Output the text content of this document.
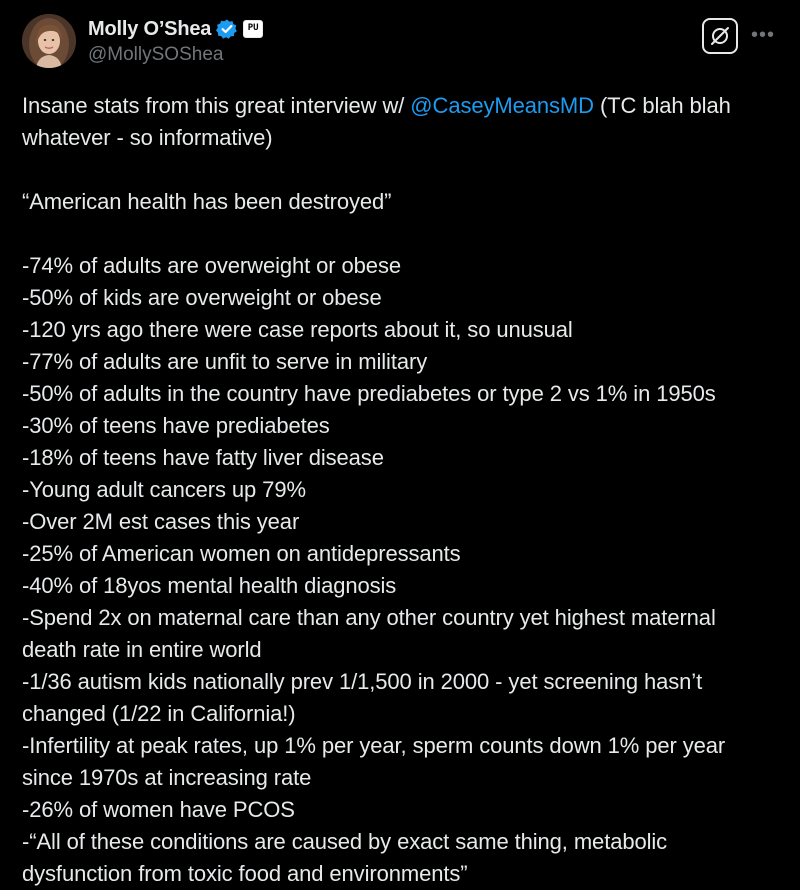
Molly O’Shea	PU
@MollySOShea
•••
Insane stats from this great interview w/ @CaseyMeansMD (TC blah blah
whatever - so informative)
“American health has been destroyed”
-74% of adults are overweight or obese
-50% of kids are overweight or obese
-120 yrs ago there were case reports about it, so unusual
-77% of adults are unfit to serve in military
-50% of adults in the country have prediabetes or type 2 vs 1% in 1950s
-30% of teens have prediabetes
-18% of teens have fatty liver disease
-Young adult cancers up 79%
-Over 2M est cases this year
-25% of American women on antidepressants
-40% of 18yos mental health diagnosis
-Spend 2x on maternal care than any other country yet highest maternal
death rate in entire world
-1/36 autism kids nationally prev 1/1,500 in 2000 - yet screening hasn’t
changed (1/22 in California!)
-Infertility at peak rates, up 1% per year, sperm counts down 1% per year
since 1970s at increasing rate
-26% of women have PCOS
-“All of these conditions are caused by exact same thing, metabolic
dysfunction from toxic food and environments”
